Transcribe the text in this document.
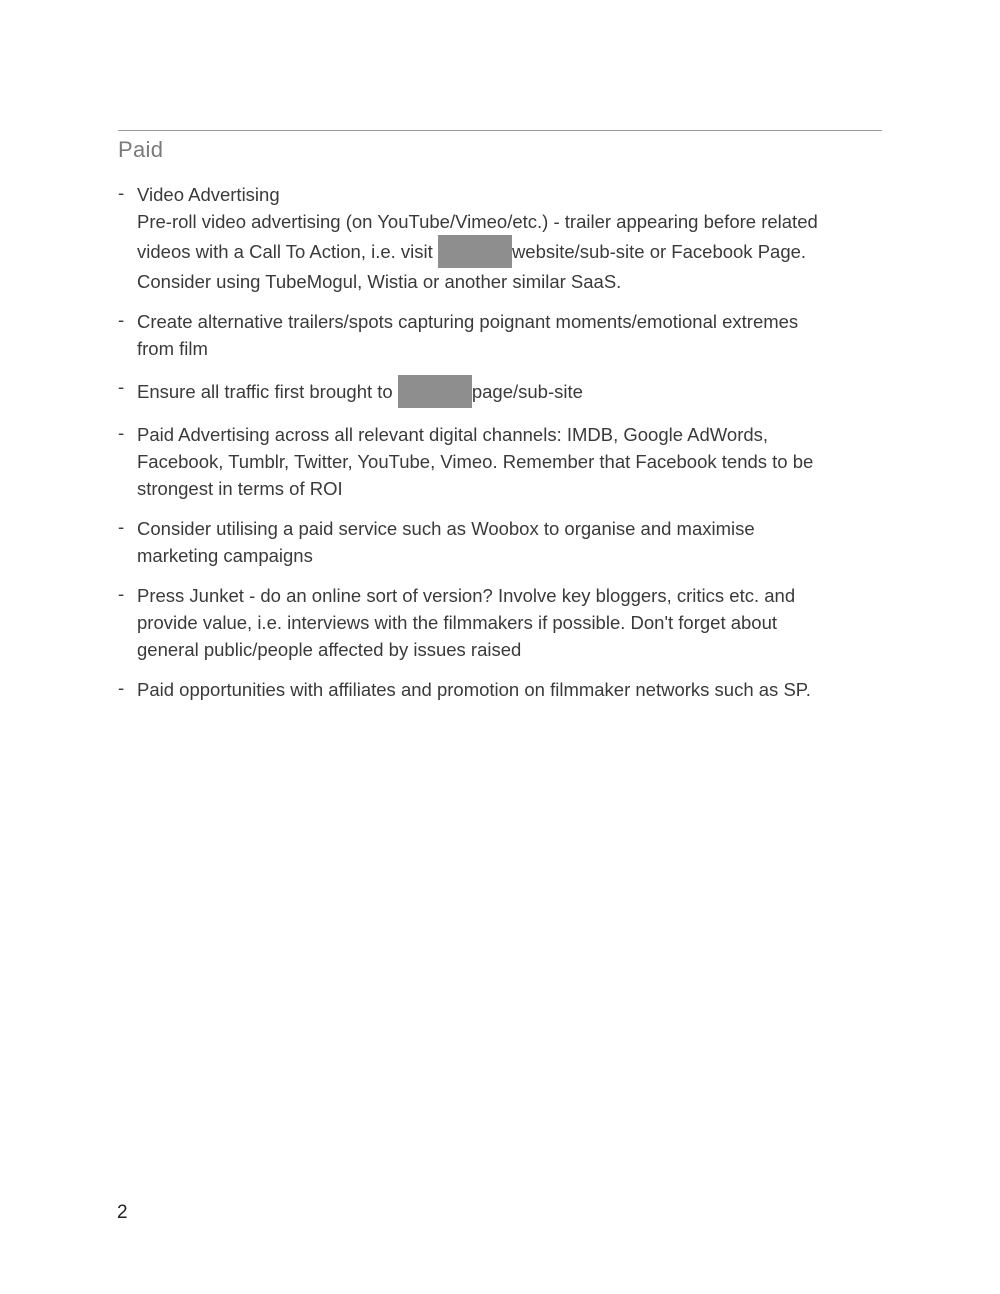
Paid
- Video Advertising
Pre-roll video advertising (on YouTube/Vimeo/etc.) - trailer appearing before related
videos with a Call To Action, i.e. visit	website/sub-site or Facebook Page.
Consider using TubeMogul, Wistia or another similar SaaS.
- Create alternative trailers/spots capturing poignant moments/emotional extremes
from film
- Ensure all traffic first brought to	page/sub-site
- Paid Advertising across all relevant digital channels: IMDB, Google AdWords,
Facebook, Tumblr, Twitter, YouTube, Vimeo. Remember that Facebook tends to be
strongest in terms of ROI
- Consider utilising a paid service such as Woobox to organise and maximise
marketing campaigns
- Press Junket - do an online sort of version? Involve key bloggers, critics etc. and
provide value, i.e. interviews with the filmmakers if possible. Don't forget about
general public/people affected by issues raised
- Paid opportunities with affiliates and promotion on filmmaker networks such as SP.
2
